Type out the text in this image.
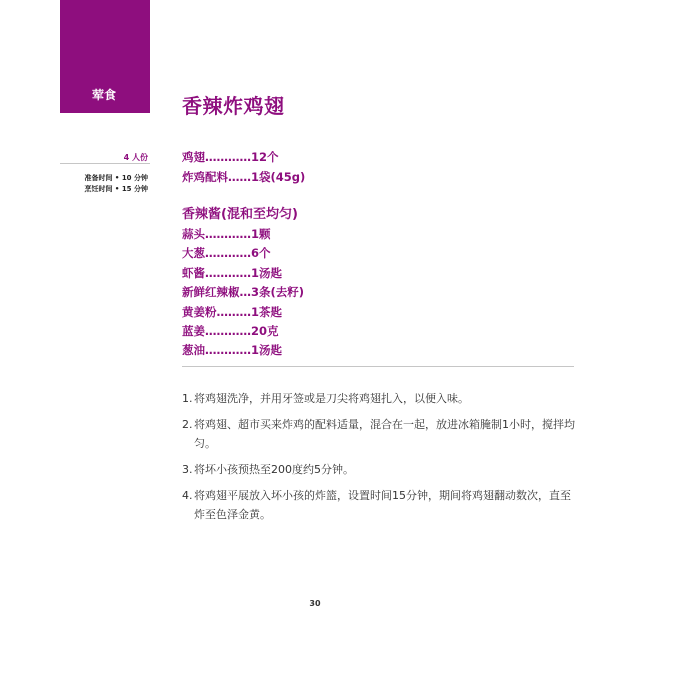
荤食	香辣炸鸡翅
4 人份
准备时间 • 10 分钟
烹饪时间 • 15 分钟
鸡翅…………12个
炸鸡配料……1袋(45g)
香辣酱(混和至均匀)
蒜头…………1颗
大葱…………6个
虾酱…………1汤匙
新鲜红辣椒…3条(去籽)
黄姜粉………1茶匙
蓝姜…………20克
葱油…………1汤匙
1. 将鸡翅洗净，并用牙签或是刀尖将鸡翅扎入，以便入味。
2. 将鸡翅、超市买来炸鸡的配料适量，混合在一起，放进冰箱腌制1小时，搅拌均匀。
3. 将坏小孩预热至200度约5分钟。
4. 将鸡翅平展放入坏小孩的炸篮，设置时间15分钟，期间将鸡翅翻动数次，直至炸至色泽金黄。
30
